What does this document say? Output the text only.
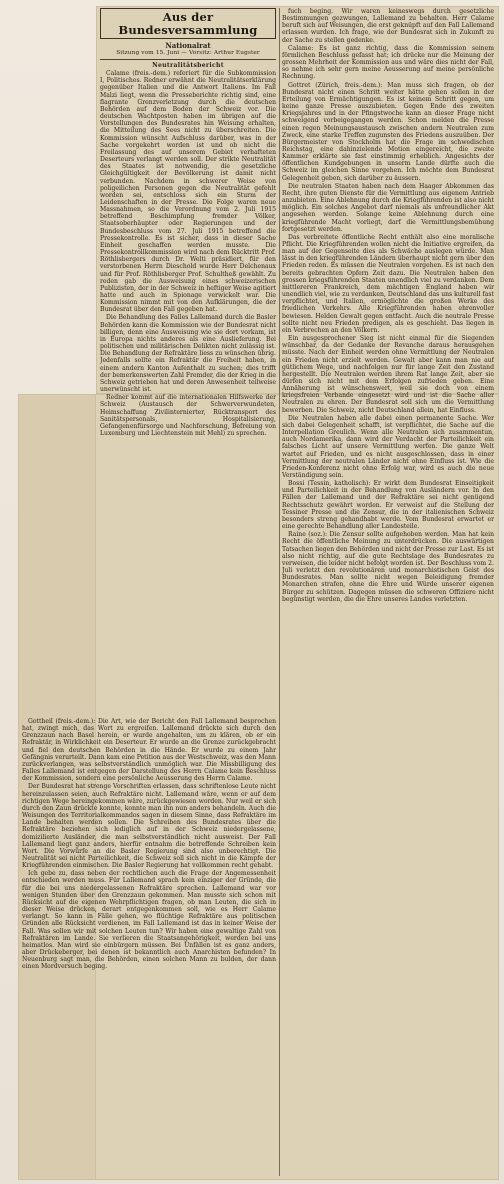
Aus der Bundesversammlung
Nationalrat
Sitzung vom 15. Juni — Vorsitz: Arthur Eugster
Neutralitätsbericht

Calame (freis.-dem.) referiert für die Subkommission I, Politisches. Redner erwähnt die Neutralitätserklärung gegenüber Italien und die Antwort Italiens. Im Fall Malzi liegt, wenn die Presseberichte richtig sind, eine flagrante Grenzverletzung durch die deutschen Behörden auf dem Boden der Schweiz vor. Die deutschen Wachtposten haben im übrigen auf die Vorstellungen des Bundesrates hin Weisung erhalten, die Mitteilung des Sees nicht zu überschreiten. Die Kommission wünscht Aufschluss darüber, was in der Sache vorgekehrt worden ist und ob nicht die Freilassung des auf unserem Gebiet verhafteten Deserteurs verlangt werden soll. Der strikte Neutralität des Staates ist notwendig, die gesetzliche Gleichgültigkeit der Bevölkerung ist damit nicht verbunden. Nachdem in schwerer Weise von poligeilichen Personen gegen die Neutralität gefehlt worden sei, entschloss sich ein Sturm der Leidenschaften in der Presse. Die Folge waren neue Massnahmen, so die Verordnung vom 2. Juli 1915 betreffend Beschimpfung fremder Völker, Staatsoberhäupter oder Regierungen und der Bundesbeschluss vom 27. Juli 1915 betreffend die Pressekontrolle. Es ist sicher, dass in dieser Sache Einheit geschaffen werden musste. Die Pressekontrollkommission wird nach dem Rücktritt Prof. Röthlisbergers durch Dr. Welti präsidiert, für den verstorbenen Herrn Dieschold wurde Herr Delchenaux und für Prof. Röthlisberger Prof. Schultheß gewählt. Zu reden gab die Ausweisung eines schweizerischen Publizisten, der in der Schweiz in heftiger Weise agitiert hatte und auch in Spionage verwickelt war. Die Kommission nimmt mit von den Aufklärungen, die der Bundesrat über den Fall gegeben hat.

Die Behandlung des Falles Lallemand durch die Basler Behörden kann die Kommission wie der Bundesrat nicht billigen, denn eine Ausweisung wie sie dort vorkam, ist in Europa nichts anderes als eine Auslieferung. Bei politischen und militärischen Delikten nicht zulässig ist. Die Behandlung der Refraktäre liess zu wünschen übrig. Jedenfalls sollte ein Refraktär die Freiheit haben, in einem andern Kanton Aufenthalt zu suchen; dies trifft der bemerkenswerten Zahl Fremder, die der Krieg in die Schweiz getrieben hat und deren Anwesenheit teilweise unerwünscht ist.

Redner kommt auf die internationalen Hilfswerke der Schweiz (Austausch der Schwerverwundeten, Heimschaffung Zivilinternierter, Rücktransport des Sanitätspersonals, Hospitalisierung, Gefangenenfürsorge und Nachforschung, Befreiung von Luxemburg und Liechtenstein mit Mehl) zu sprechen.

Gottheil (freis.-dem.): Die Art, wie der Bericht den Fall Lallemand besprochen hat, zwingt mich, das Wort zu ergreifen. Lallemand drückte sich durch den Grenzzaun nach Basel herein, er wurde angehalten, um zu klären, ob er ein Refraktär, in Wirklichkeit ein Deserteur. Er wurde an die Grenze zurückgebracht und fiel den deutschen Behörden in die Hände. Er wurde zu einem Jahr Gefängnis verurteilt. Dann kam eine Petition aus der Westschweiz, was den Mann zurückverlangen, was selbstverständlich unmöglich war. Die Missbilligung des Falles Lallemand ist entgegen der Darstellung des Herrn Calame kein Beschluss der Kommission, sondern eine persönliche Aeusserung des Herrn Calame.

Der Bundesrat hat strenge Vorschriften erlassen, dass schriftenlose Leute nicht hereinzulassen seien, auch Refraktäre nicht. Lallemand wäre, wenn er auf dem richtigen Wege hereingekommen wäre, zurückgewiesen worden. Nur weil er sich durch den Zaun drückte konnte, konnte man ihn nun anders behandeln. Auch die Weisungen des Territorialkommandos sagen in diesem Sinne, dass Refraktäre im Lande behalten werden sollen. Die Schreiben des Bundesrates über die Refraktäre beziehen sich lediglich auf in der Schweiz niedergelassene, domizilierte Ausländer, die man selbstverständlich nicht ausweist. Der Fall Lallemand liegt ganz anders, hierfür entnahm die betreffende Schreiben kein Wort. Die Vorwürfe an die Basler Regierung sind also unberechtigt. Die Neutralität sei nicht Parteilichkeit, die Schweiz soll sich nicht in die Kämpfe der Kriegführenden einmischen. Die Basler Regierung hat vollkommen recht gehabt.

Ich gebe zu, dass neben der rechtlichen auch die Frage der Angemessenheit entschieden werden muss. Für Lallemand sprach kein einziger der Gründe, die für die bei uns niedergelassenen Refraktäre sprechen. Lallemand war vor wenigen Stunden über den Grenzzaun gekommen. Man musste sich schon mit Rücksicht auf die eigenen Wehrpflichtigen fragen, ob man Leuten, die sich in dieser Weise drücken, derart entgegenkommen soll, wie es Herr Calame verlangt. So kann in Fälle gehen, wo flüchtige Refraktäre aus politischen Gründen alle Rücksicht verdienen, im Fall Lallemand ist das in keiner Weise der Fall. Was sollen wir mit solchen Leuten tun? Wir haben eine gewaltige Zahl von Refraktären im Lande. Sie verlieren die Staatsangehörigkeit, werden bei uns heimatlos. Man wird sie einbürgern müssen. Bei Unfällen ist es ganz anders, aber Drückeberger, bei denen ist bekanntlich auch Anarchisten befunden? In Neuenburg sagt man, die Behörden, einen solchen Mann zu bulden, der dann einen Mordversuch beging.

fuch beging. Wir waren keineswegs durch gesetzliche Bestimmungen gezwungen, Lallemand zu behalten. Herr Calame beruft sich auf Weisungen, die erst geknüpft auf den Fall Lallemand erlassen wurden. Ich frage, wie der Bundesrat sich in Zukunft zu der Sache zu stellen gedenke.

Calame: Es ist ganz richtig, dass die Kommission seinem förmlichen Beschluss gefasst hat; ich drücke nur die Meinung der grossen Mehrheit der Kommission aus und wäre dies nicht der Fall, so nehme ich sehr gern meine Aeusserung auf meine persönliche Rechnung.

Gottret (Zürich, freis.-dem.): Man muss sich fragen, ob der Bundesrat nicht einen Schritt weiter hätte gehen sollen in der Erteilung von Ermächtigungen. Es ist keinem Schritt gegen, um keine ganze Presse auszubieten. Gegen Ende des zweiten Kriegsjahres und in der Pfingstwoche kann an dieser Frage nicht schweigend vorbeigegangen werden. Schon melden die Presse einen regen Meinungsaustausch zwischen andern Neutralen zum Zweck, eine starke Treffen zugunsten des Friedens auszuüben. Der Bürgermeister von Stockholm hat die Frage im schwedischen Reichstag, eine dahinzielende Motion eingereicht, die zweite Kammer erklärte sie fast einstimmig erheblich. Angesichts der öffentlichen Kundgebungen in unserm Lande dürfte auch die Schweiz im gleichen Sinne vorgehen. Ich möchte dem Bundesrat Gelegenheit geben, sich darüber zu äussern.

Die neutralen Staaten haben nach dem Haager Abkommen das Recht, ihre guten Dienste für die Vermittlung aus eigenem Antrieb anzubieten. Eine Ablehnung durch die Kriegführenden ist also nicht möglich. Ein solches Angebot darf niemals als unfreundlicher Akt angesehen werden. Solange keine Ablehnung durch eine kriegführende Macht vorliegt, darf die Vermittlungsbemühung fortgesetzt werden.

Das verbreitete öffentliche Recht enthält also eine moralische Pflicht. Die Kriegführenden wollen nicht die Initiative ergreifen, da man auf der Gegenseite dies als Schwäche auslegen würde. Man lässt in den kriegführenden Ländern überhaupt nicht gern über den Frieden reden. Es müssen die Neutralen vorgehen. Es ist nach den bereits gebrachten Opfern Zeit dazu. Die Neutralen haben den grossen kriegsführenden Staaten unendlich viel zu verdanken. Dem mittlereren Frankreich, dem mächtigen England haben wir unendlich viel, wie zu verdanken, Deutschland das uns kulturell fast verpflichtet, und Italien, ermöglichte die großen Werke des friedlichen Verkehrs. Alle Kriegführenden haben ehrenvoller bewiesen. Helden Gewalt gegen entfacht. Auch die neutrale Presse sollte nicht neu Frieden predigen, als es geschieht. Das liegen in ein Verbrechen an den Völkern.

Ein ausgesprochener Sieg ist nicht einmal für die Siegenden wünschbar, da der Gedanke der Revanche daraus herausgehen müsste. Nach der Einheit werden ohne Vermittlung der Neutralen ein Frieden nicht erzielt werden. Gewalt aber kann man nie auf gütlichem Wege, und nachfolgen nur für lange Zeit den Zustand hergestellt. Die Neutralen werden ihrem Rat lange Zeit, aber sie dürfen sich nicht mit dem Erfolgen zufrieden geben. Eine Annäherung ist wünschenswert, weil sie doch von einem kriegsfreien Verbande eingesetzt wird und ist die Sache aller Neutralen zu ehren. Der Bundesrat soll sich um die Vermittlung bewerben. Die Schweiz, nicht Deutschland allein, hat Einfluss.

Die Neutralen haben alle dabei einen permanente Sache. Wer sich dabei Gelegenheit schafft, ist verpflichtet, die Sache auf die Interpellation Greulich. Wenn alle Neutralen sich zusammentun, auch Nordamerika, dann wird der Verdacht der Parteilichkeit ein falsches Licht auf unsere Vermittlung werfen. Die ganze Welt wartet auf Frieden, und es nicht ausgeschlossen, dass in einer Vermittlung der neutralen Länder nicht ohne Einfluss ist. Wie die Frieden-Konferenz nicht ohne Erfolg war, wird es auch die neue Verständigung sein.

Bossi (Tessin, katholisch): Er wirkt dem Bundesrat Einseitigkeit und Parteilichkeit in der Behandlung von Ausländern vor. In den Fällen der Lallemand und der Refraktäre sei nicht genügend Rechtsschutz gewährt worden. Er verweist auf die Stellung der Tessiner Presse und die Zensur, die in der italienischen Schweiz besonders streng gehandhabt werde. Vom Bundesrat erwartet er eine gerechte Behandlung aller Landesteile.

Raine (soz.): Die Zensur sollte aufgehoben werden. Man hat kein Recht die öffentliche Meinung zu unterdrücken. Die auswärtigen Tatsachen liegen den Behörden und nicht der Presse zur Last. Es ist also nicht richtig, auf die gute Rechtslage des Bundesrates zu verweisen, die leider nicht befolgt worden ist. Der Beschluss vom 2. Juli verletzt den revolutionären und monarchistischen Geist des Bundesrates. Man sollte nicht wegen Beleidigung fremder Monarchen strafen, ohne die Ehre und Würde unserer eigenen Bürger zu schützen. Dagegen müssen die schweren Offiziere nicht begünstigt werden, die die Ehre unseres Landes verletzten.
